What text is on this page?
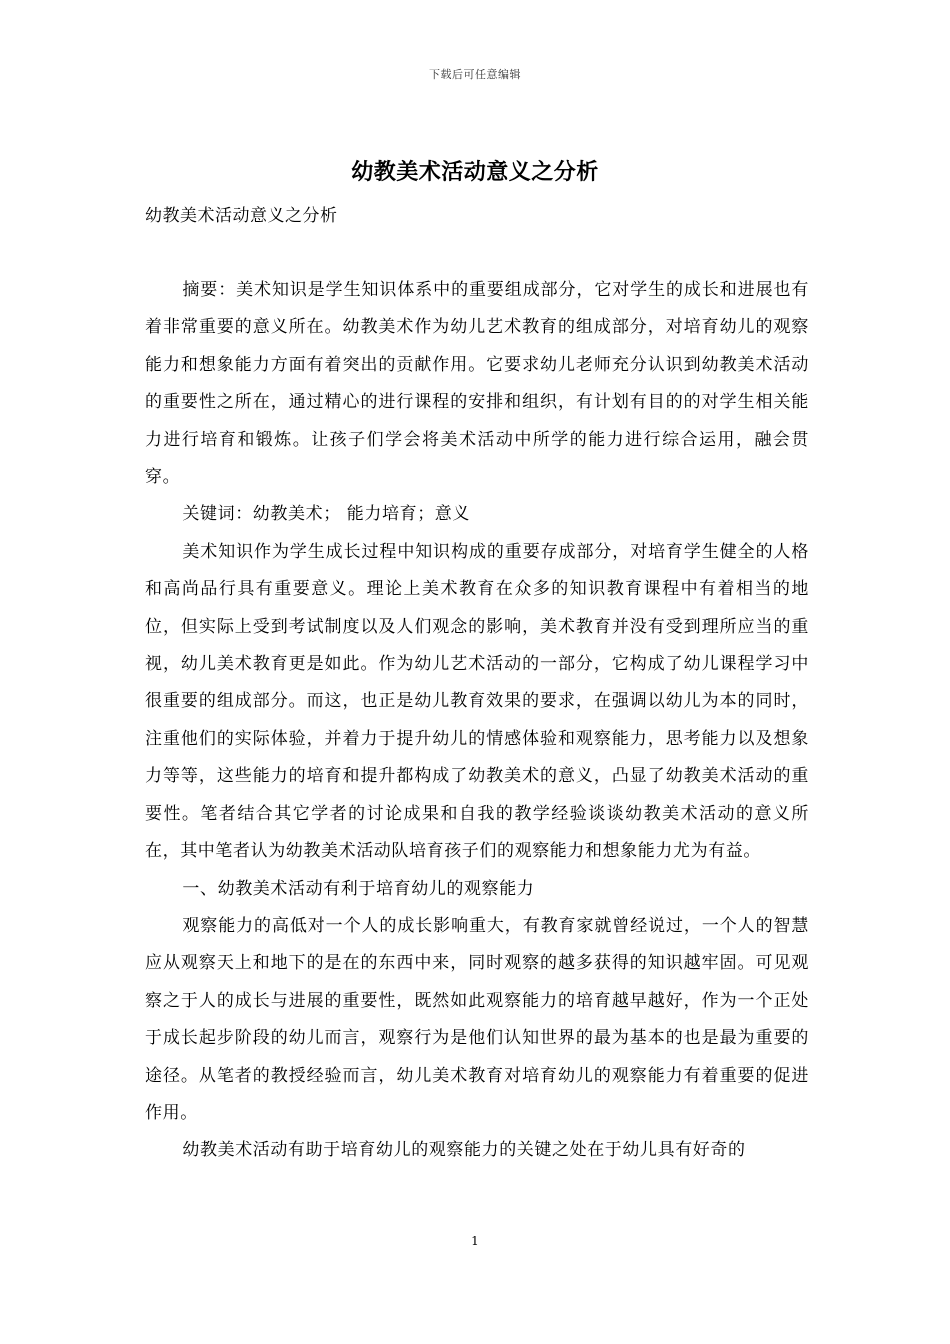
下载后可任意编辑
幼教美术活动意义之分析
幼教美术活动意义之分析

摘要：美术知识是学生知识体系中的重要组成部分，它对学生的成长和进展也有着非常重要的意义所在。幼教美术作为幼儿艺术教育的组成部分，对培育幼儿的观察能力和想象能力方面有着突出的贡献作用。它要求幼儿老师充分认识到幼教美术活动的重要性之所在，通过精心的进行课程的安排和组织，有计划有目的的对学生相关能力进行培育和锻炼。让孩子们学会将美术活动中所学的能力进行综合运用，融会贯穿。

关键词：幼教美术； 能力培育；意义

美术知识作为学生成长过程中知识构成的重要存成部分，对培育学生健全的人格和高尚品行具有重要意义。理论上美术教育在众多的知识教育课程中有着相当的地位，但实际上受到考试制度以及人们观念的影响，美术教育并没有受到理所应当的重视，幼儿美术教育更是如此。作为幼儿艺术活动的一部分，它构成了幼儿课程学习中很重要的组成部分。而这，也正是幼儿教育效果的要求，在强调以幼儿为本的同时，注重他们的实际体验，并着力于提升幼儿的情感体验和观察能力，思考能力以及想象力等等，这些能力的培育和提升都构成了幼教美术的意义，凸显了幼教美术活动的重要性。笔者结合其它学者的讨论成果和自我的教学经验谈谈幼教美术活动的意义所在，其中笔者认为幼教美术活动队培育孩子们的观察能力和想象能力尤为有益。

一、幼教美术活动有利于培育幼儿的观察能力

观察能力的高低对一个人的成长影响重大，有教育家就曾经说过，一个人的智慧应从观察天上和地下的是在的东西中来，同时观察的越多获得的知识越牢固。可见观察之于人的成长与进展的重要性，既然如此观察能力的培育越早越好，作为一个正处于成长起步阶段的幼儿而言，观察行为是他们认知世界的最为基本的也是最为重要的途径。从笔者的教授经验而言，幼儿美术教育对培育幼儿的观察能力有着重要的促进作用。

幼教美术活动有助于培育幼儿的观察能力的关键之处在于幼儿具有好奇的

1
